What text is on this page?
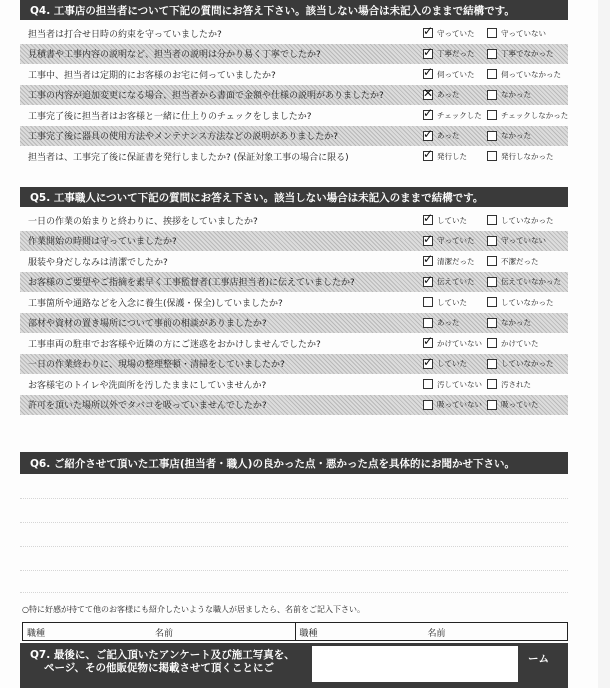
Q4. 工事店の担当者について下記の質問にお答え下さい。該当しない場合は未記入のままで結構です。
担当者は打合せ日時の約束を守っていましたか?	✓ 守っていた	守っていない
見積書や工事内容の説明など、担当者の説明は分かり易く丁寧でしたか?	✓ 丁寧だった	丁寧でなかった
工事中、担当者は定期的にお客様のお宅に伺っていましたか?	✓ 伺っていた	伺っていなかった
工事の内容が追加変更になる場合、担当者から書面で金額や仕様の説明がありましたか?	✕ あった	なかった
工事完了後に担当者はお客様と一緒に仕上りのチェックをしましたか?	✓ チェックした	チェックしなかった
工事完了後に器具の使用方法やメンテナンス方法などの説明がありましたか?	✓ あった	なかった
担当者は、工事完了後に保証書を発行しましたか? (保証対象工事の場合に限る)	✓ 発行した	発行しなかった
Q5. 工事職人について下記の質問にお答え下さい。該当しない場合は未記入のままで結構です。
一日の作業の始まりと終わりに、挨拶をしていましたか?	✓ していた	していなかった
作業開始の時間は守っていましたか?	✓ 守っていた	守っていない
服装や身だしなみは清潔でしたか?	✓ 清潔だった	不潔だった
お客様のご要望やご指摘を素早く工事監督者(工事店担当者)に伝えていましたか?	✓ 伝えていた	伝えていなかった
工事箇所や通路などを入念に養生(保護・保全)していましたか?	していた	していなかった
部材や資材の置き場所について事前の相談がありましたか?	あった	なかった
工事車両の駐車でお客様や近隣の方にご迷惑をおかけしませんでしたか?	✓ かけていない	かけていた
一日の作業終わりに、現場の整理整頓・清掃をしていましたか?	✓ していた	していなかった
お客様宅のトイレや洗面所を汚したままにしていませんか?	汚していない	汚された
許可を頂いた場所以外でタバコを吸っていませんでしたか?	吸っていない	吸っていた
Q6. ご紹介させて頂いた工事店(担当者・職人)の良かった点・悪かった点を具体的にお聞かせ下さい。
○特に好感が持てて他のお客様にも紹介したいような職人が居ましたら、名前をご記入下さい。
職種	名前	職種	名前
Q7. 最後に、ご記入頂いたアンケート及び施工写真を、
ページ、その他販促物に掲載させて頂くことにご
ーム
